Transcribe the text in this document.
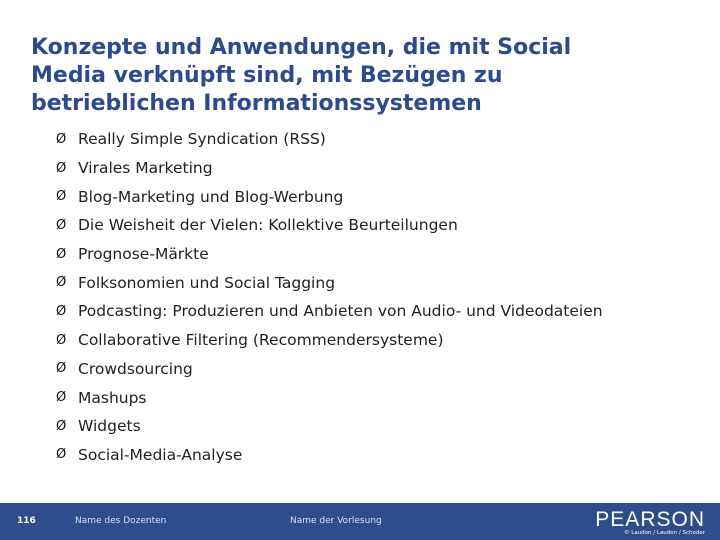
Konzepte und Anwendungen, die mit Social
Media verknüpft sind, mit Bezügen zu
betrieblichen Informationssystemen
Ø Really Simple Syndication (RSS)
Ø Virales Marketing
Ø Blog-Marketing und Blog-Werbung
Ø Die Weisheit der Vielen: Kollektive Beurteilungen
Ø Prognose-Märkte
Ø Folksonomien und Social Tagging
Ø Podcasting: Produzieren und Anbieten von Audio- und Videodateien
Ø Collaborative Filtering (Recommendersysteme)
Ø Crowdsourcing
Ø Mashups
Ø Widgets
Ø Social-Media-Analyse
116	Name des Dozenten	Name der Vorlesung	PEARSON
© Laudon / Laudon / Schoder
